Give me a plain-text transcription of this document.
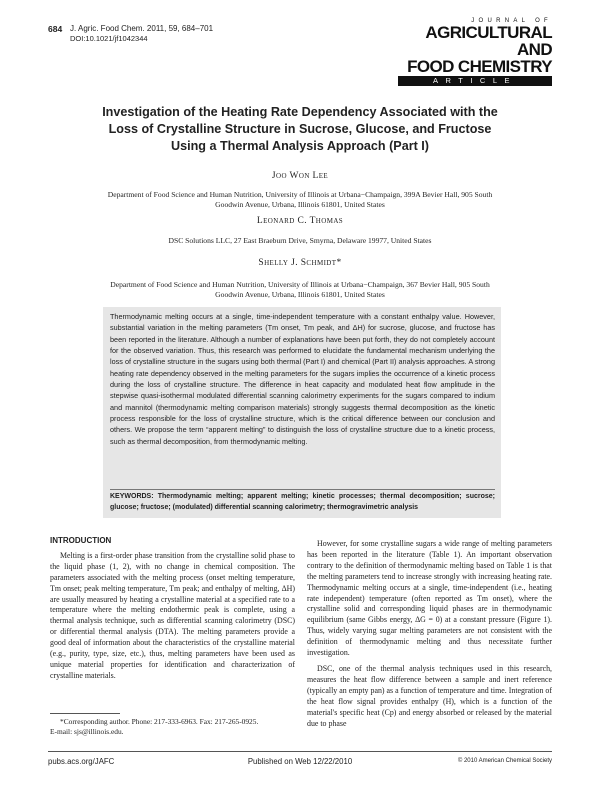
684 J. Agric. Food Chem. 2011, 59, 684–701
DOI:10.1021/jf1042344
JOURNAL OF
AGRICULTURAL AND
FOOD CHEMISTRY
ARTICLE
Investigation of the Heating Rate Dependency Associated with the Loss of Crystalline Structure in Sucrose, Glucose, and Fructose Using a Thermal Analysis Approach (Part I)
Joo Won Lee
Department of Food Science and Human Nutrition, University of Illinois at Urbana−Champaign, 399A Bevier Hall, 905 South Goodwin Avenue, Urbana, Illinois 61801, United States
Leonard C. Thomas
DSC Solutions LLC, 27 East Braeburn Drive, Smyrna, Delaware 19977, United States
Shelly J. Schmidt*
Department of Food Science and Human Nutrition, University of Illinois at Urbana−Champaign, 367 Bevier Hall, 905 South Goodwin Avenue, Urbana, Illinois 61801, United States
Thermodynamic melting occurs at a single, time-independent temperature with a constant enthalpy value. However, substantial variation in the melting parameters (Tm onset, Tm peak, and ΔH) for sucrose, glucose, and fructose has been reported in the literature. Although a number of explanations have been put forth, they do not completely account for the observed variation. Thus, this research was performed to elucidate the fundamental mechanism underlying the loss of crystalline structure in the sugars using both thermal (Part I) and chemical (Part II) analysis approaches. A strong heating rate dependency observed in the melting parameters for the sugars implies the occurrence of a kinetic process during the loss of crystalline structure. The difference in heat capacity and modulated heat flow amplitude in the stepwise quasi-isothermal modulated differential scanning calorimetry experiments for the sugars compared to indium and mannitol (thermodynamic melting comparison materials) strongly suggests thermal decomposition as the kinetic process responsible for the loss of crystalline structure, which is the critical difference between our conclusion and others. We propose the term “apparent melting” to distinguish the loss of crystalline structure due to a kinetic process, such as thermal decomposition, from thermodynamic melting.
KEYWORDS: Thermodynamic melting; apparent melting; kinetic processes; thermal decomposition; sucrose; glucose; fructose; (modulated) differential scanning calorimetry; thermogravimetric analysis
INTRODUCTION

Melting is a first-order phase transition from the crystalline solid phase to the liquid phase (1, 2), with no change in chemical composition. The parameters associated with the melting process (onset melting temperature, Tm onset; peak melting temperature, Tm peak; and enthalpy of melting, ΔH) are usually measured by heating a crystalline material at a specified rate to a temperature where the melting endothermic peak is complete, using a thermal analysis technique, such as differential scanning calorimetry (DSC) or differential thermal analysis (DTA). The melting parameters provide a good deal of information about the characteristics of the crystalline material (e.g., purity, type, size, etc.), thus, melting parameters have been used as unique material properties for identification and characterization of crystalline materials.

However, for some crystalline sugars a wide range of melting parameters has been reported in the literature (Table 1). An important observation contrary to the definition of thermodynamic melting based on Table 1 is that the melting parameters tend to increase strongly with increasing heating rate. Thermodynamic melting occurs at a single, time-independent (i.e., heating rate independent) temperature (often reported as Tm onset), where the crystalline solid and corresponding liquid phases are in thermodynamic equilibrium (same Gibbs energy, ΔG = 0) at a constant pressure (Figure 1). Thus, widely varying sugar melting parameters are not consistent with the definition of thermodynamic melting and thus necessitate further investigation.

DSC, one of the thermal analysis techniques used in this research, measures the heat flow difference between a sample and inert reference (typically an empty pan) as a function of temperature and time. Integration of the heat flow signal provides enthalpy (H), which is a function of the material's specific heat (Cp) and energy absorbed or released by the material due to phase

*Corresponding author. Phone: 217-333-6963. Fax: 217-265-0925.
E-mail: sjs@illinois.edu.
pubs.acs.org/JAFC	Published on Web 12/22/2010	© 2010 American Chemical Society
